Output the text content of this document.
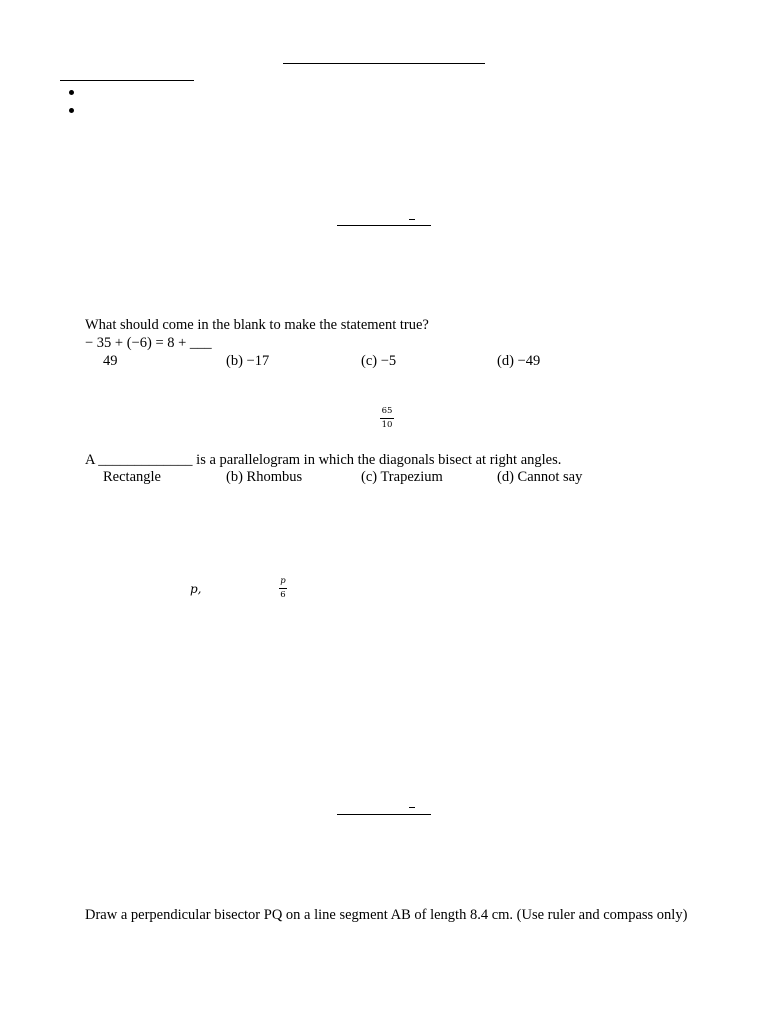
What should come in the blank to make the statement true?
− 35 + (−6) = 8 + ___
49	(b) −17	(c) −5	(d) −49
65
10
A _____________ is a parallelogram in which the diagonals bisect at right angles.
Rectangle	(b) Rhombus	(c) Trapezium	(d) Cannot say
p,
p
6
Draw a perpendicular bisector PQ on a line segment AB of length 8.4 cm. (Use ruler and compass only)
